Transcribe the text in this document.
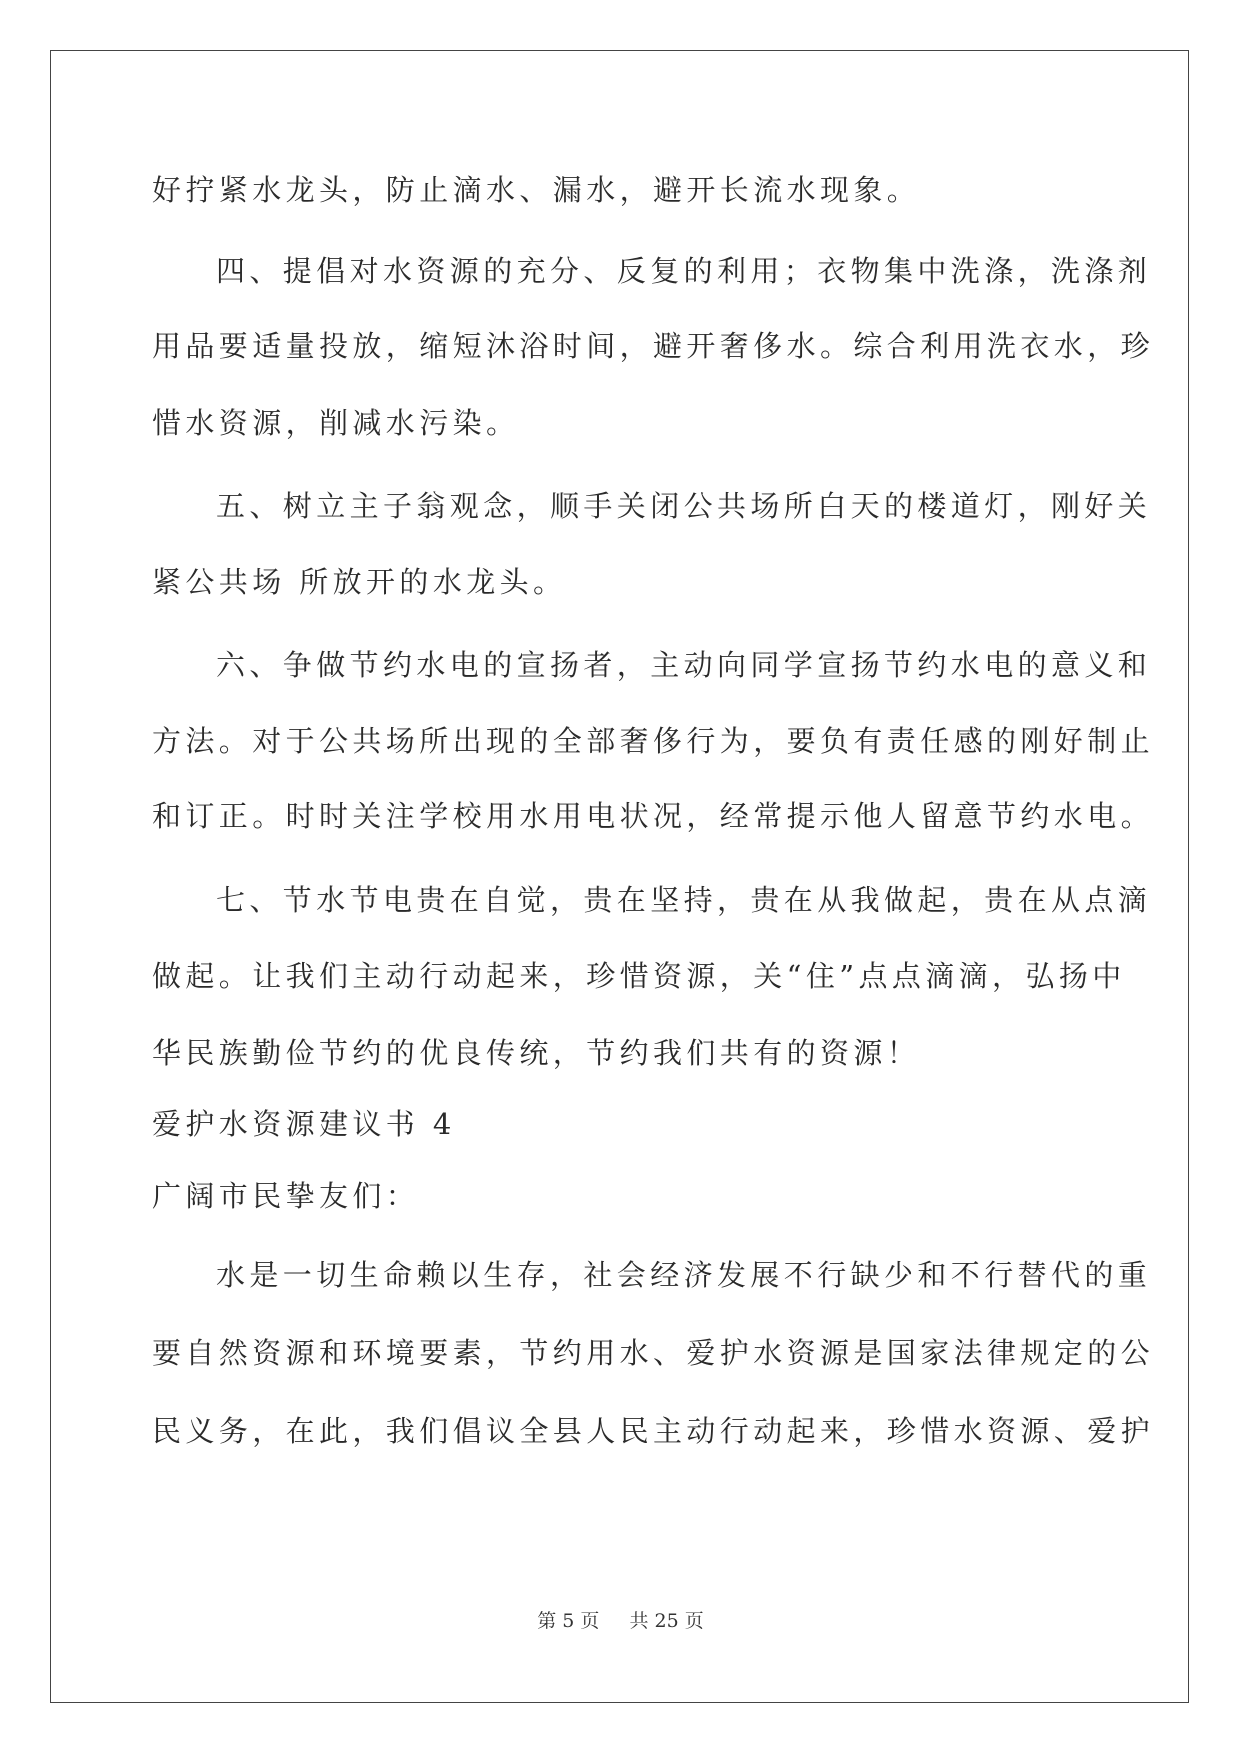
好拧紧水龙头，防止滴水、漏水，避开长流水现象。
四、提倡对水资源的充分、反复的利用；衣物集中洗涤，洗涤剂
用品要适量投放，缩短沐浴时间，避开奢侈水。综合利用洗衣水，珍
惜水资源，削减水污染。
五、树立主子翁观念，顺手关闭公共场所白天的楼道灯，刚好关
紧公共场 所放开的水龙头。
六、争做节约水电的宣扬者，主动向同学宣扬节约水电的意义和
方法。对于公共场所出现的全部奢侈行为，要负有责任感的刚好制止
和订正。时时关注学校用水用电状况，经常提示他人留意节约水电。
七、节水节电贵在自觉，贵在坚持，贵在从我做起，贵在从点滴
做起。让我们主动行动起来，珍惜资源，关“住”点点滴滴，弘扬中
华民族勤俭节约的优良传统，节约我们共有的资源！
爱护水资源建议书 4
广阔市民挚友们：
水是一切生命赖以生存，社会经济发展不行缺少和不行替代的重
要自然资源和环境要素，节约用水、爱护水资源是国家法律规定的公
民义务，在此，我们倡议全县人民主动行动起来，珍惜水资源、爱护
第 5 页 共 25 页
